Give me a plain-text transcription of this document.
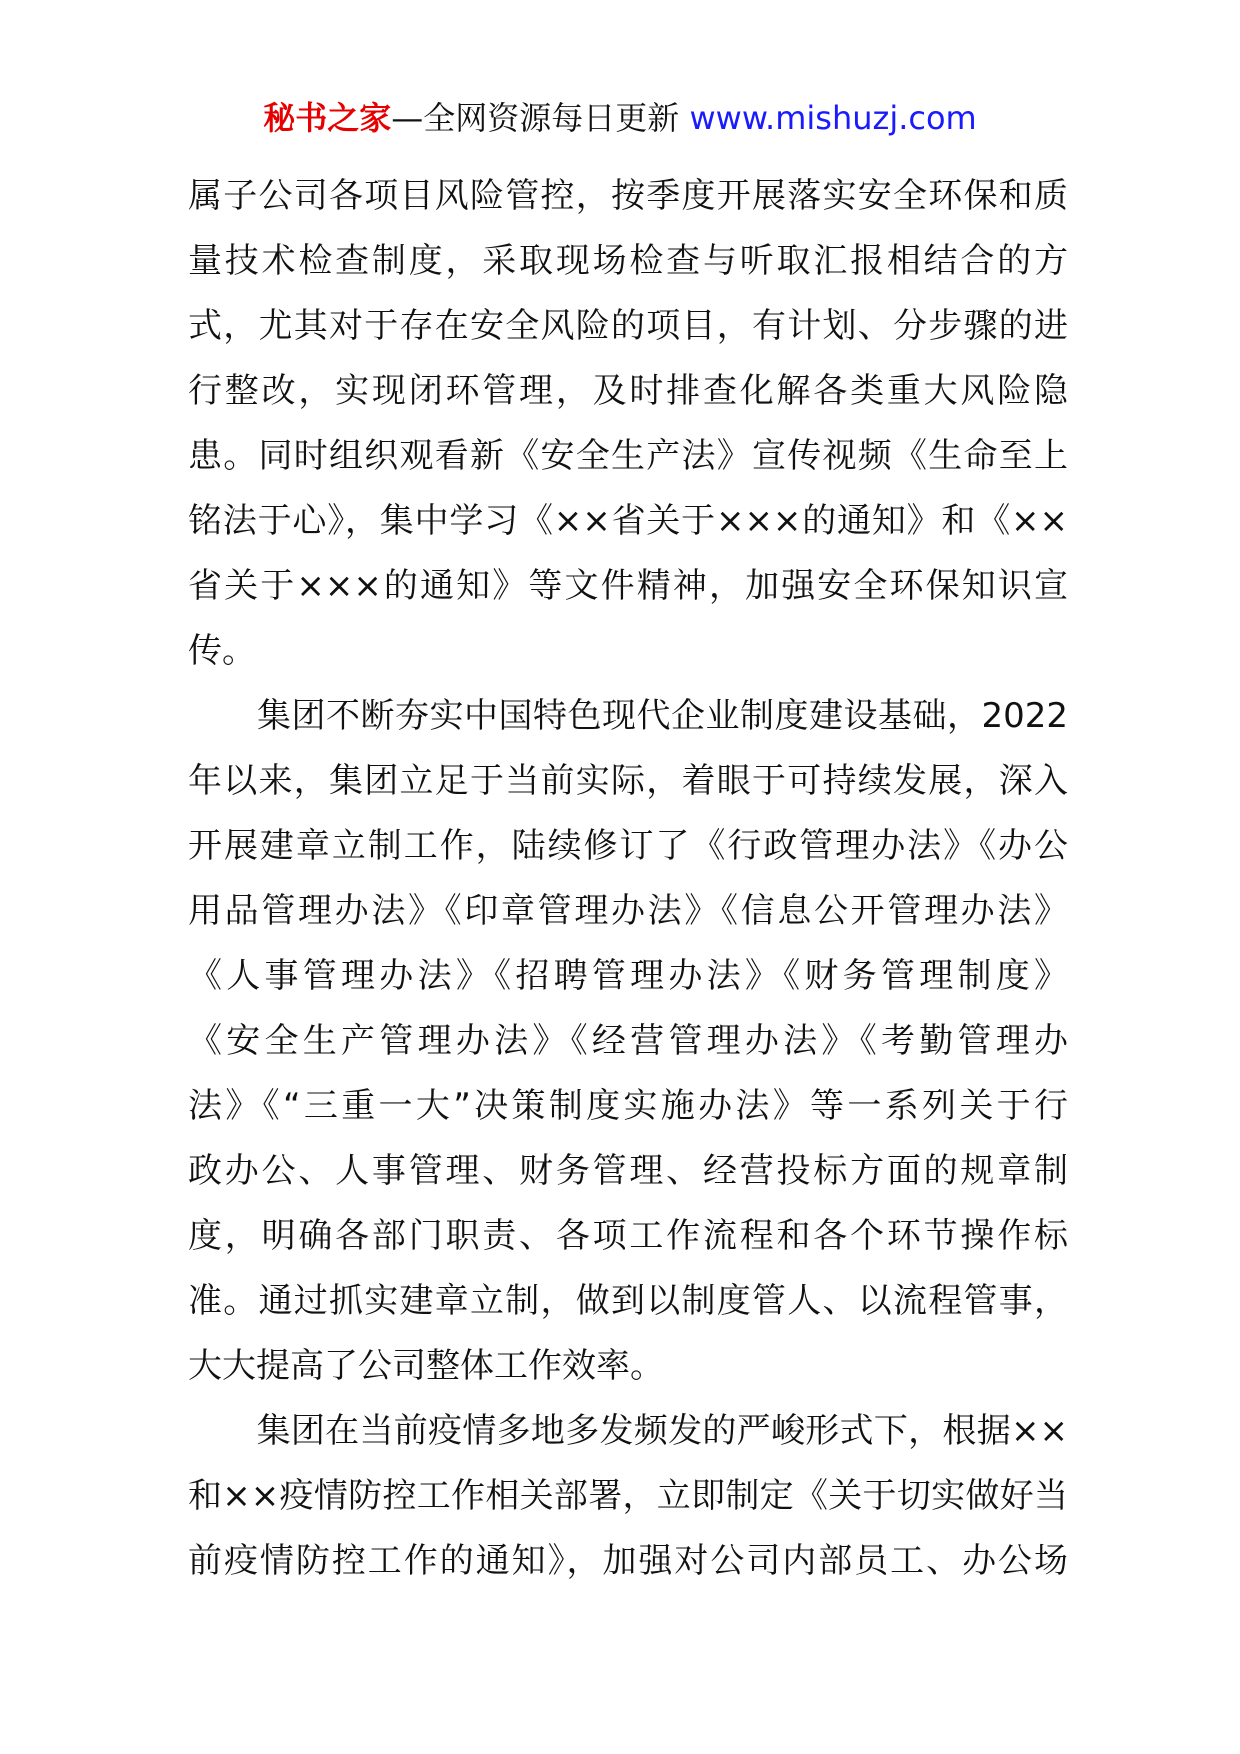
秘书之家—全网资源每日更新 www.mishuzj.com
属子公司各项目风险管控，按季度开展落实安全环保和质
量技术检查制度，采取现场检查与听取汇报相结合的方
式，尤其对于存在安全风险的项目，有计划、分步骤的进
行整改，实现闭环管理，及时排查化解各类重大风险隐
患。同时组织观看新《安全生产法》宣传视频《生命至上
铭法于心》，集中学习《××省关于×××的通知》和《××
省关于×××的通知》等文件精神，加强安全环保知识宣
传。
　　集团不断夯实中国特色现代企业制度建设基础，2022
年以来，集团立足于当前实际，着眼于可持续发展，深入
开展建章立制工作，陆续修订了《行政管理办法》《办公
用品管理办法》《印章管理办法》《信息公开管理办法》
《人事管理办法》《招聘管理办法》《财务管理制度》
《安全生产管理办法》《经营管理办法》《考勤管理办
法》《“三重一大”决策制度实施办法》等一系列关于行
政办公、人事管理、财务管理、经营投标方面的规章制
度，明确各部门职责、各项工作流程和各个环节操作标
准。通过抓实建章立制，做到以制度管人、以流程管事，
大大提高了公司整体工作效率。
　　集团在当前疫情多地多发频发的严峻形式下，根据××
和××疫情防控工作相关部署，立即制定《关于切实做好当
前疫情防控工作的通知》，加强对公司内部员工、办公场
